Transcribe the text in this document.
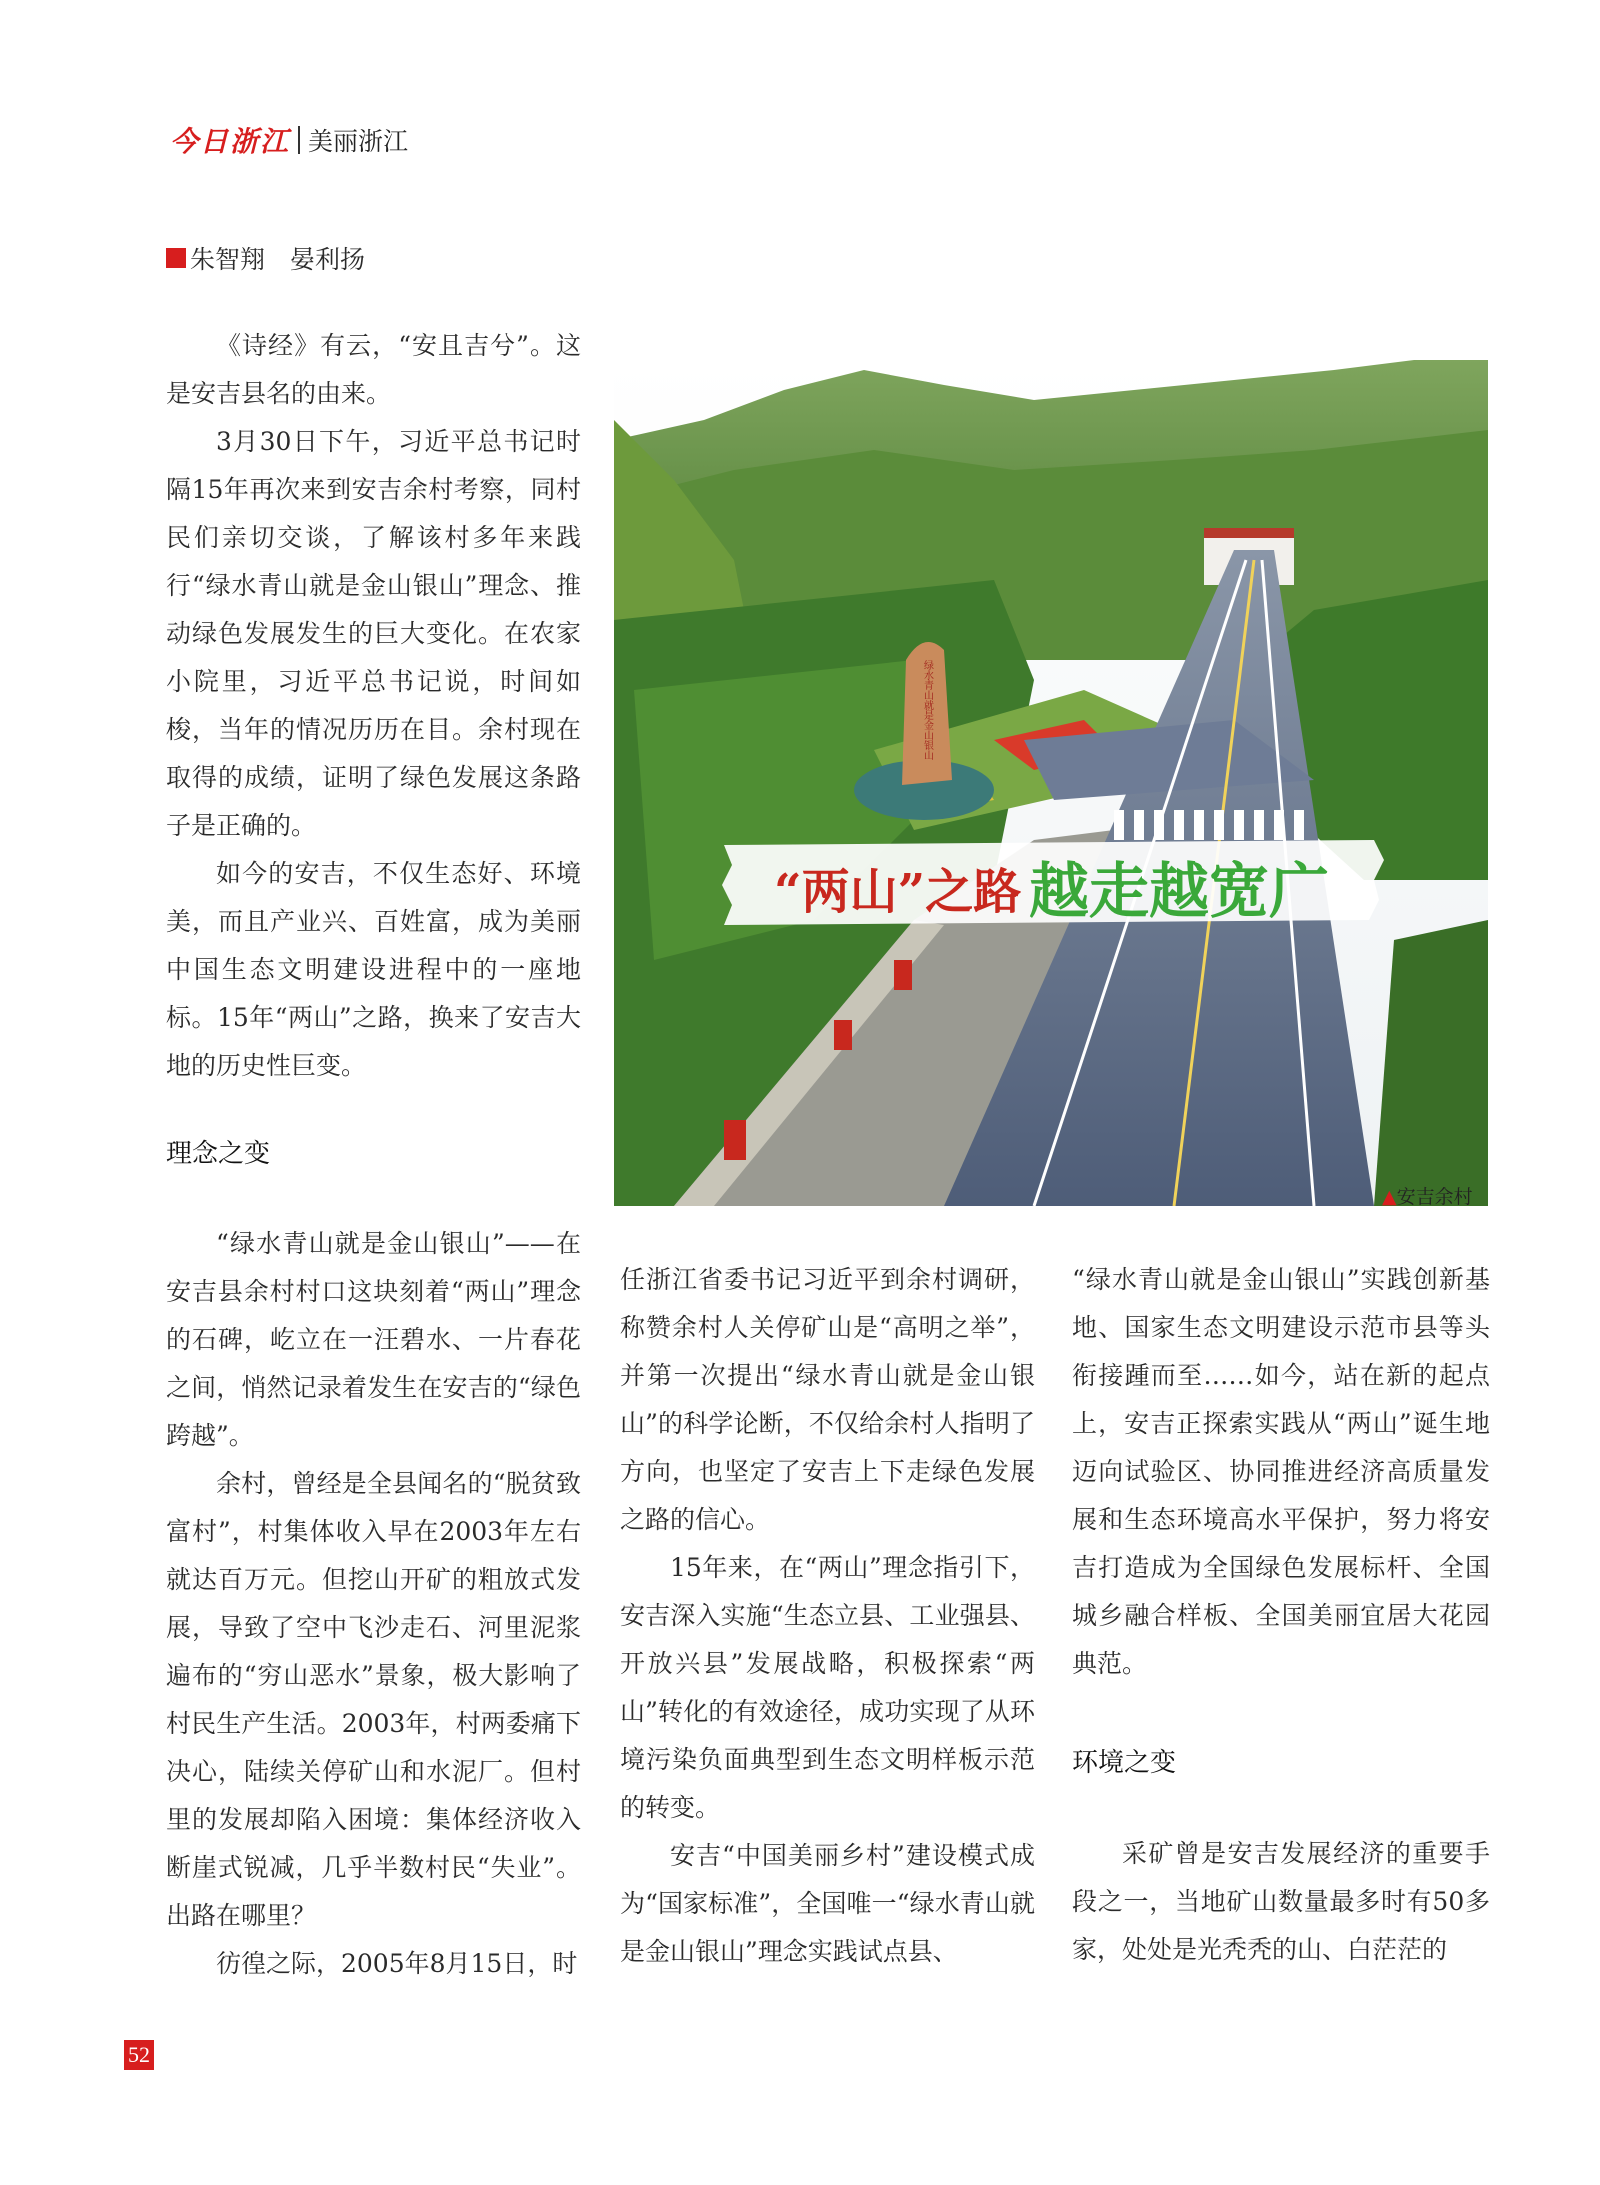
今日浙江 美丽浙江
朱智翔　晏利扬

《诗经》有云，“安且吉兮”。这是安吉县名的由来。

3月30日下午，习近平总书记时隔15年再次来到安吉余村考察，同村民们亲切交谈，了解该村多年来践行“绿水青山就是金山银山”理念、推动绿色发展发生的巨大变化。在农家小院里，习近平总书记说，时间如梭，当年的情况历历在目。余村现在取得的成绩，证明了绿色发展这条路子是正确的。

如今的安吉，不仅生态好、环境美，而且产业兴、百姓富，成为美丽中国生态文明建设进程中的一座地标。15年“两山”之路，换来了安吉大地的历史性巨变。

理念之变

“绿水青山就是金山银山”——在安吉县余村村口这块刻着“两山”理念的石碑，屹立在一汪碧水、一片春花之间，悄然记录着发生在安吉的“绿色跨越”。

余村，曾经是全县闻名的“脱贫致富村”，村集体收入早在2003年左右就达百万元。但挖山开矿的粗放式发展，导致了空中飞沙走石、河里泥浆遍布的“穷山恶水”景象，极大影响了村民生产生活。2003年，村两委痛下决心，陆续关停矿山和水泥厂。但村里的发展却陷入困境：集体经济收入断崖式锐减，几乎半数村民“失业”。出路在哪里？

彷徨之际，2005年8月15日，时

任浙江省委书记习近平到余村调研，称赞余村人关停矿山是“高明之举”，并第一次提出“绿水青山就是金山银山”的科学论断，不仅给余村人指明了方向，也坚定了安吉上下走绿色发展之路的信心。

15年来，在“两山”理念指引下，安吉深入实施“生态立县、工业强县、开放兴县”发展战略，积极探索“两山”转化的有效途径，成功实现了从环境污染负面典型到生态文明样板示范的转变。

安吉“中国美丽乡村”建设模式成为“国家标准”，全国唯一“绿水青山就是金山银山”理念实践试点县、

“绿水青山就是金山银山”实践创新基地、国家生态文明建设示范市县等头衔接踵而至……如今，站在新的起点上，安吉正探索实践从“两山”诞生地迈向试验区、协同推进经济高质量发展和生态环境高水平保护，努力将安吉打造成为全国绿色发展标杆、全国城乡融合样板、全国美丽宜居大花园典范。

环境之变

采矿曾是安吉发展经济的重要手段之一，当地矿山数量最多时有50多家，处处是光秃秃的山、白茫茫的

绿水青山就是金山银山
“两山”之路 越走越宽广
▲安吉余村
52
